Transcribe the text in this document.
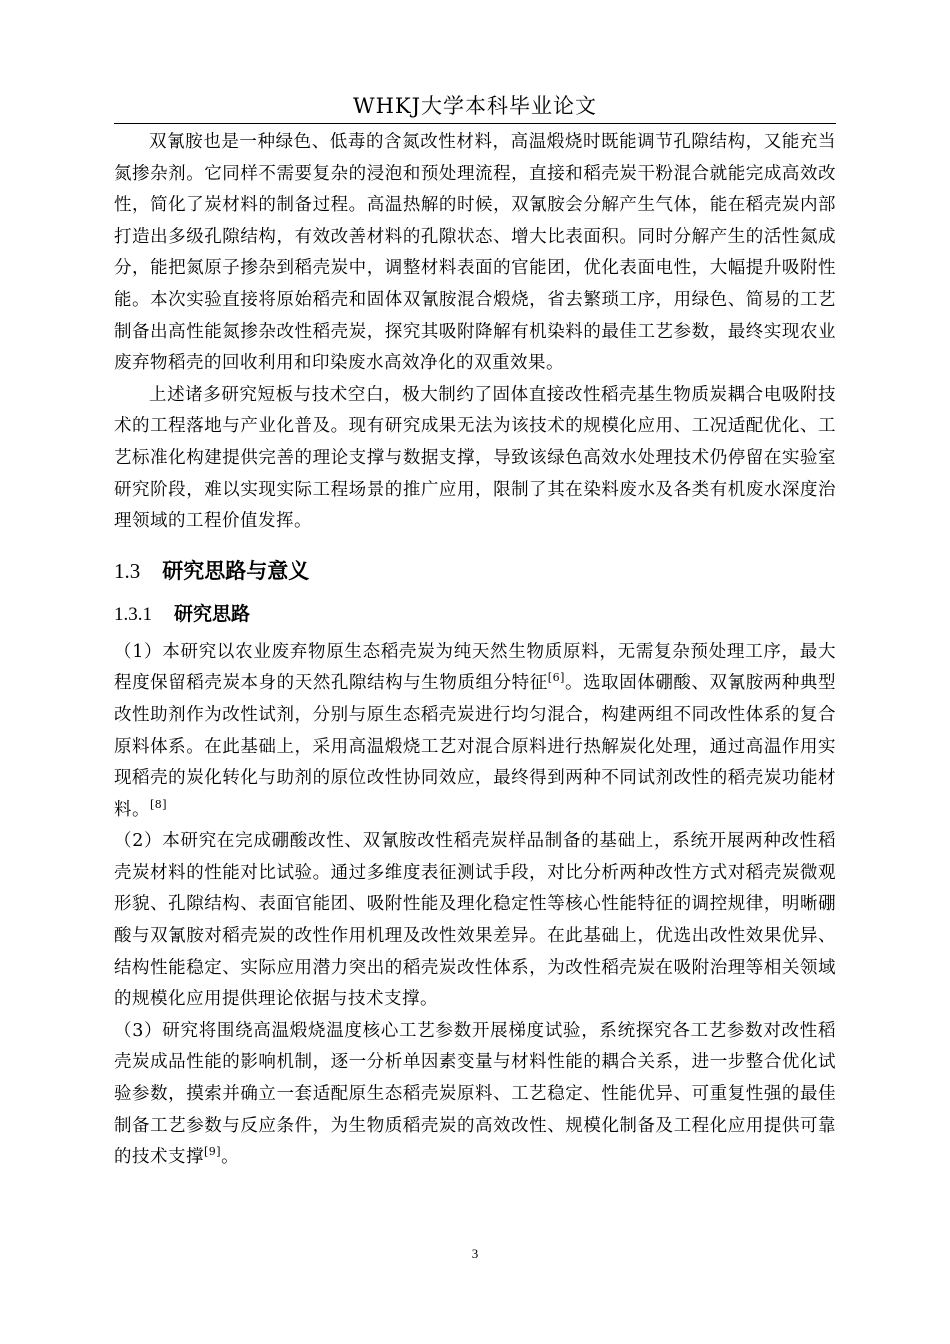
WHKJ大学本科毕业论文

双氰胺也是一种绿色、低毒的含氮改性材料，高温煅烧时既能调节孔隙结构，又能充当氮掺杂剂。它同样不需要复杂的浸泡和预处理流程，直接和稻壳炭干粉混合就能完成高效改性，简化了炭材料的制备过程。高温热解的时候，双氰胺会分解产生气体，能在稻壳炭内部打造出多级孔隙结构，有效改善材料的孔隙状态、增大比表面积。同时分解产生的活性氮成分，能把氮原子掺杂到稻壳炭中，调整材料表面的官能团，优化表面电性，大幅提升吸附性能。本次实验直接将原始稻壳和固体双氰胺混合煅烧，省去繁琐工序，用绿色、简易的工艺制备出高性能氮掺杂改性稻壳炭，探究其吸附降解有机染料的最佳工艺参数，最终实现农业废弃物稻壳的回收利用和印染废水高效净化的双重效果。

上述诸多研究短板与技术空白，极大制约了固体直接改性稻壳基生物质炭耦合电吸附技术的工程落地与产业化普及。现有研究成果无法为该技术的规模化应用、工况适配优化、工艺标准化构建提供完善的理论支撑与数据支撑，导致该绿色高效水处理技术仍停留在实验室研究阶段，难以实现实际工程场景的推广应用，限制了其在染料废水及各类有机废水深度治理领域的工程价值发挥。

1.3 研究思路与意义
1.3.1 研究思路

（1）本研究以农业废弃物原生态稻壳炭为纯天然生物质原料，无需复杂预处理工序，最大程度保留稻壳炭本身的天然孔隙结构与生物质组分特征[6]。选取固体硼酸、双氰胺两种典型改性助剂作为改性试剂，分别与原生态稻壳炭进行均匀混合，构建两组不同改性体系的复合原料体系。在此基础上，采用高温煅烧工艺对混合原料进行热解炭化处理，通过高温作用实现稻壳的炭化转化与助剂的原位改性协同效应，最终得到两种不同试剂改性的稻壳炭功能材料。[8]

（2）本研究在完成硼酸改性、双氰胺改性稻壳炭样品制备的基础上，系统开展两种改性稻壳炭材料的性能对比试验。通过多维度表征测试手段，对比分析两种改性方式对稻壳炭微观形貌、孔隙结构、表面官能团、吸附性能及理化稳定性等核心性能特征的调控规律，明晰硼酸与双氰胺对稻壳炭的改性作用机理及改性效果差异。在此基础上，优选出改性效果优异、结构性能稳定、实际应用潜力突出的稻壳炭改性体系，为改性稻壳炭在吸附治理等相关领域的规模化应用提供理论依据与技术支撑。

（3）研究将围绕高温煅烧温度核心工艺参数开展梯度试验，系统探究各工艺参数对改性稻壳炭成品性能的影响机制，逐一分析单因素变量与材料性能的耦合关系，进一步整合优化试验参数，摸索并确立一套适配原生态稻壳炭原料、工艺稳定、性能优异、可重复性强的最佳制备工艺参数与反应条件，为生物质稻壳炭的高效改性、规模化制备及工程化应用提供可靠的技术支撑[9]。

3
